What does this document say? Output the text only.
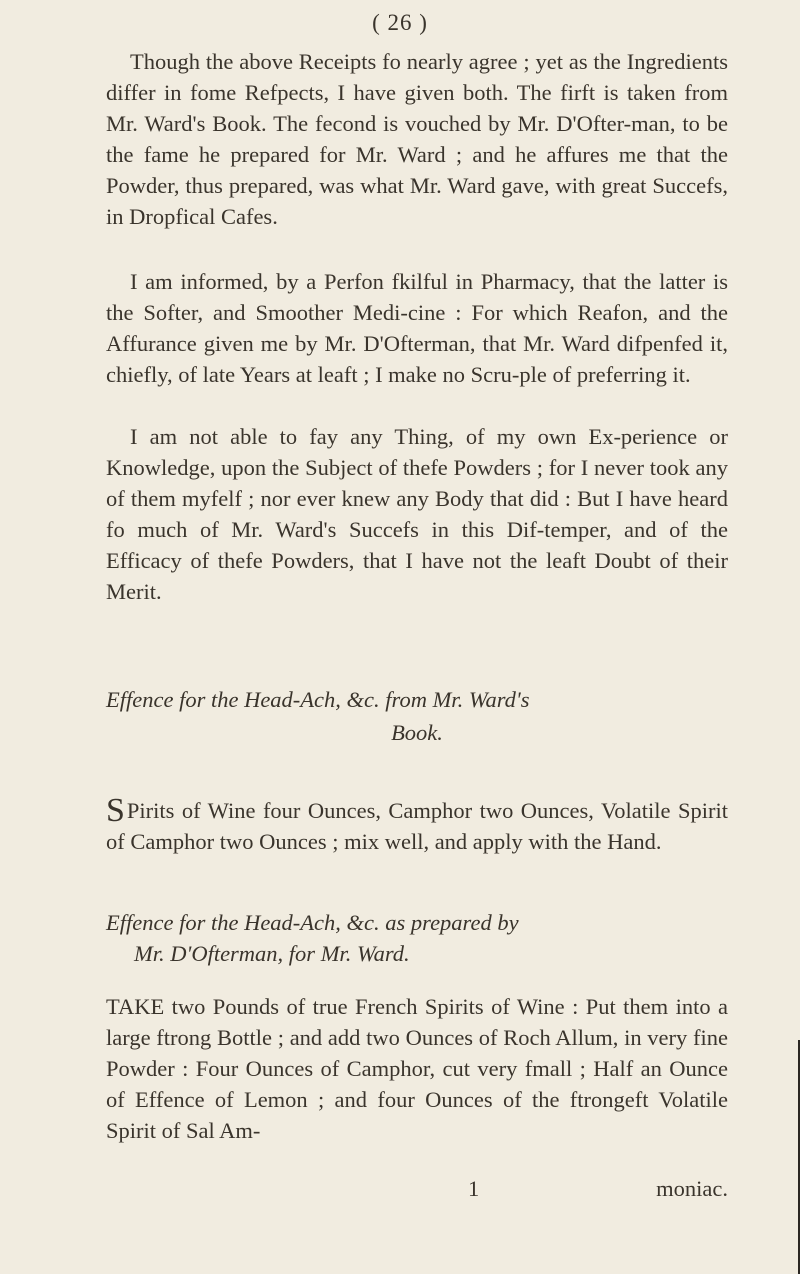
( 26 )

Though the above Receipts fo nearly agree ; yet as the Ingredients differ in fome Refpects, I have given both. The firft is taken from Mr. Ward's Book. The fecond is vouched by Mr. D'Ofter-man, to be the fame he prepared for Mr. Ward ; and he affures me that the Powder, thus prepared, was what Mr. Ward gave, with great Succefs, in Dropfical Cafes.

I am informed, by a Perfon fkilful in Pharmacy, that the latter is the Softer, and Smoother Medi-cine : For which Reafon, and the Affurance given me by Mr. D'Ofterman, that Mr. Ward difpenfed it, chiefly, of late Years at leaft ; I make no Scru-ple of preferring it.

I am not able to fay any Thing, of my own Ex-perience or Knowledge, upon the Subject of thefe Powders ; for I never took any of them myfelf ; nor ever knew any Body that did : But I have heard fo much of Mr. Ward's Succefs in this Dif-temper, and of the Efficacy of thefe Powders, that I have not the leaft Doubt of their Merit.

Effence for the Head-Ach, &c. from Mr. Ward's
Book.
S Pirits of Wine four Ounces, Camphor two Ounces, Volatile Spirit of Camphor two Ounces ; mix well, and apply with the Hand.
Effence for the Head-Ach, &c. as prepared by
Mr. D'Ofterman, for Mr. Ward.
TAKE two Pounds of true French Spirits of Wine : Put them into a large ftrong Bottle ; and add two Ounces of Roch Allum, in very fine Powder : Four Ounces of Camphor, cut very fmall ; Half an Ounce of Effence of Lemon ; and four Ounces of the ftrongeft Volatile Spirit of Sal Am-
1	moniac.
